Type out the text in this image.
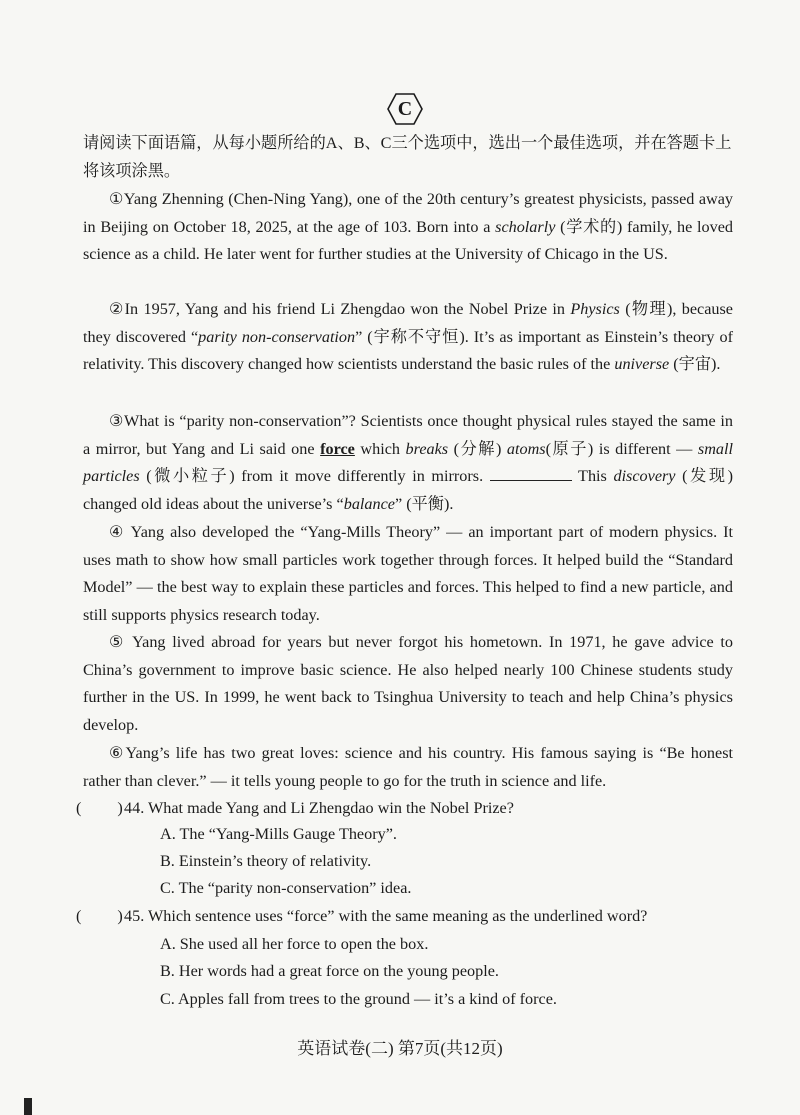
C
请阅读下面语篇，从每小题所给的A、B、C三个选项中，选出一个最佳选项，并在答题卡上将该项涂黑。
①Yang Zhenning (Chen-Ning Yang), one of the 20th century’s greatest physicists, passed away in Beijing on October 18, 2025, at the age of 103. Born into a scholarly (学术的) family, he loved science as a child. He later went for further studies at the University of Chicago in the US.
②In 1957, Yang and his friend Li Zhengdao won the Nobel Prize in Physics (物理), because they discovered “parity non-conservation” (宇称不守恒). It’s as important as Einstein’s theory of relativity. This discovery changed how scientists understand the basic rules of the universe (宇宙).
③What is “parity non-conservation”? Scientists once thought physical rules stayed the same in a mirror, but Yang and Li said one force which breaks (分解) atoms(原子) is different — small particles (微小粒子) from it move differently in mirrors.	This discovery (发现) changed old ideas about the universe’s “balance” (平衡).
④ Yang also developed the “Yang-Mills Theory” — an important part of modern physics. It uses math to show how small particles work together through forces. It helped build the “Standard Model” — the best way to explain these particles and forces. This helped to find a new particle, and still supports physics research today.
⑤ Yang lived abroad for years but never forgot his hometown. In 1971, he gave advice to China’s government to improve basic science. He also helped nearly 100 Chinese students study further in the US. In 1999, he went back to Tsinghua University to teach and help China’s physics develop.
⑥Yang’s life has two great loves: science and his country. His famous saying is “Be honest rather than clever.” — it tells young people to go for the truth in science and life.
( )44. What made Yang and Li Zhengdao win the Nobel Prize?
A. The “Yang-Mills Gauge Theory”.
B. Einstein’s theory of relativity.
C. The “parity non-conservation” idea.
( )45. Which sentence uses “force” with the same meaning as the underlined word?
A. She used all her force to open the box.
B. Her words had a great force on the young people.
C. Apples fall from trees to the ground — it’s a kind of force.
英语试卷(二) 第7页(共12页)
